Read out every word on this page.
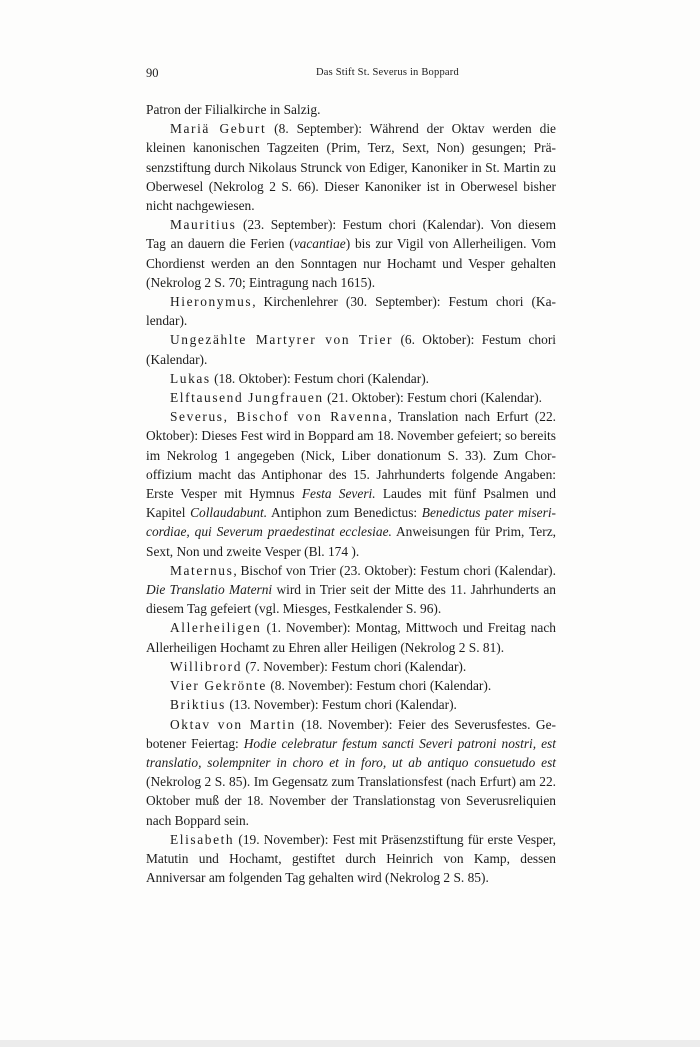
90	Das Stift St. Severus in Boppard

Patron der Filialkirche in Salzig.

Mariä Geburt (8. September): Während der Oktav werden die kleinen kanonischen Tagzeiten (Prim, Terz, Sext, Non) gesungen; Präsenzstiftung durch Nikolaus Strunck von Ediger, Kanoniker in St. Martin zu Oberwesel (Nekrolog 2 S. 66). Dieser Kanoniker ist in Oberwesel bisher nicht nachgewiesen.

Mauritius (23. September): Festum chori (Kalendar). Von diesem Tag an dauern die Ferien (vacantiae) bis zur Vigil von Allerheiligen. Vom Chordienst werden an den Sonntagen nur Hochamt und Vesper gehalten (Nekrolog 2 S. 70; Eintragung nach 1615).

Hieronymus, Kirchenlehrer (30. September): Festum chori (Kalendar).

Ungezählte Martyrer von Trier (6. Oktober): Festum chori (Kalendar).

Lukas (18. Oktober): Festum chori (Kalendar).

Elftausend Jungfrauen (21. Oktober): Festum chori (Kalendar).

Severus, Bischof von Ravenna, Translation nach Erfurt (22. Oktober): Dieses Fest wird in Boppard am 18. November gefeiert; so bereits im Nekrolog 1 angegeben (Nick, Liber donationum S. 33). Zum Choroffizium macht das Antiphonar des 15. Jahrhunderts folgende Angaben: Erste Vesper mit Hymnus Festa Severi. Laudes mit fünf Psalmen und Kapitel Collaudabunt. Antiphon zum Benedictus: Benedictus pater misericordiae, qui Severum praedestinat ecclesiae. Anweisungen für Prim, Terz, Sext, Non und zweite Vesper (Bl. 174 ).

Maternus, Bischof von Trier (23. Oktober): Festum chori (Kalendar). Die Translatio Materni wird in Trier seit der Mitte des 11. Jahrhunderts an diesem Tag gefeiert (vgl. Miesges, Festkalender S. 96).

Allerheiligen (1. November): Montag, Mittwoch und Freitag nach Allerheiligen Hochamt zu Ehren aller Heiligen (Nekrolog 2 S. 81).

Willibrord (7. November): Festum chori (Kalendar).

Vier Gekrönte (8. November): Festum chori (Kalendar).

Briktius (13. November): Festum chori (Kalendar).

Oktav von Martin (18. November): Feier des Severusfestes. Gebotener Feiertag: Hodie celebratur festum sancti Severi patroni nostri, est translatio, solempniter in choro et in foro, ut ab antiquo consuetudo est (Nekrolog 2 S. 85). Im Gegensatz zum Translationsfest (nach Erfurt) am 22. Oktober muß der 18. November der Translationstag von Severusreliquien nach Boppard sein.

Elisabeth (19. November): Fest mit Präsenzstiftung für erste Vesper, Matutin und Hochamt, gestiftet durch Heinrich von Kamp, dessen Anniversar am folgenden Tag gehalten wird (Nekrolog 2 S. 85).
